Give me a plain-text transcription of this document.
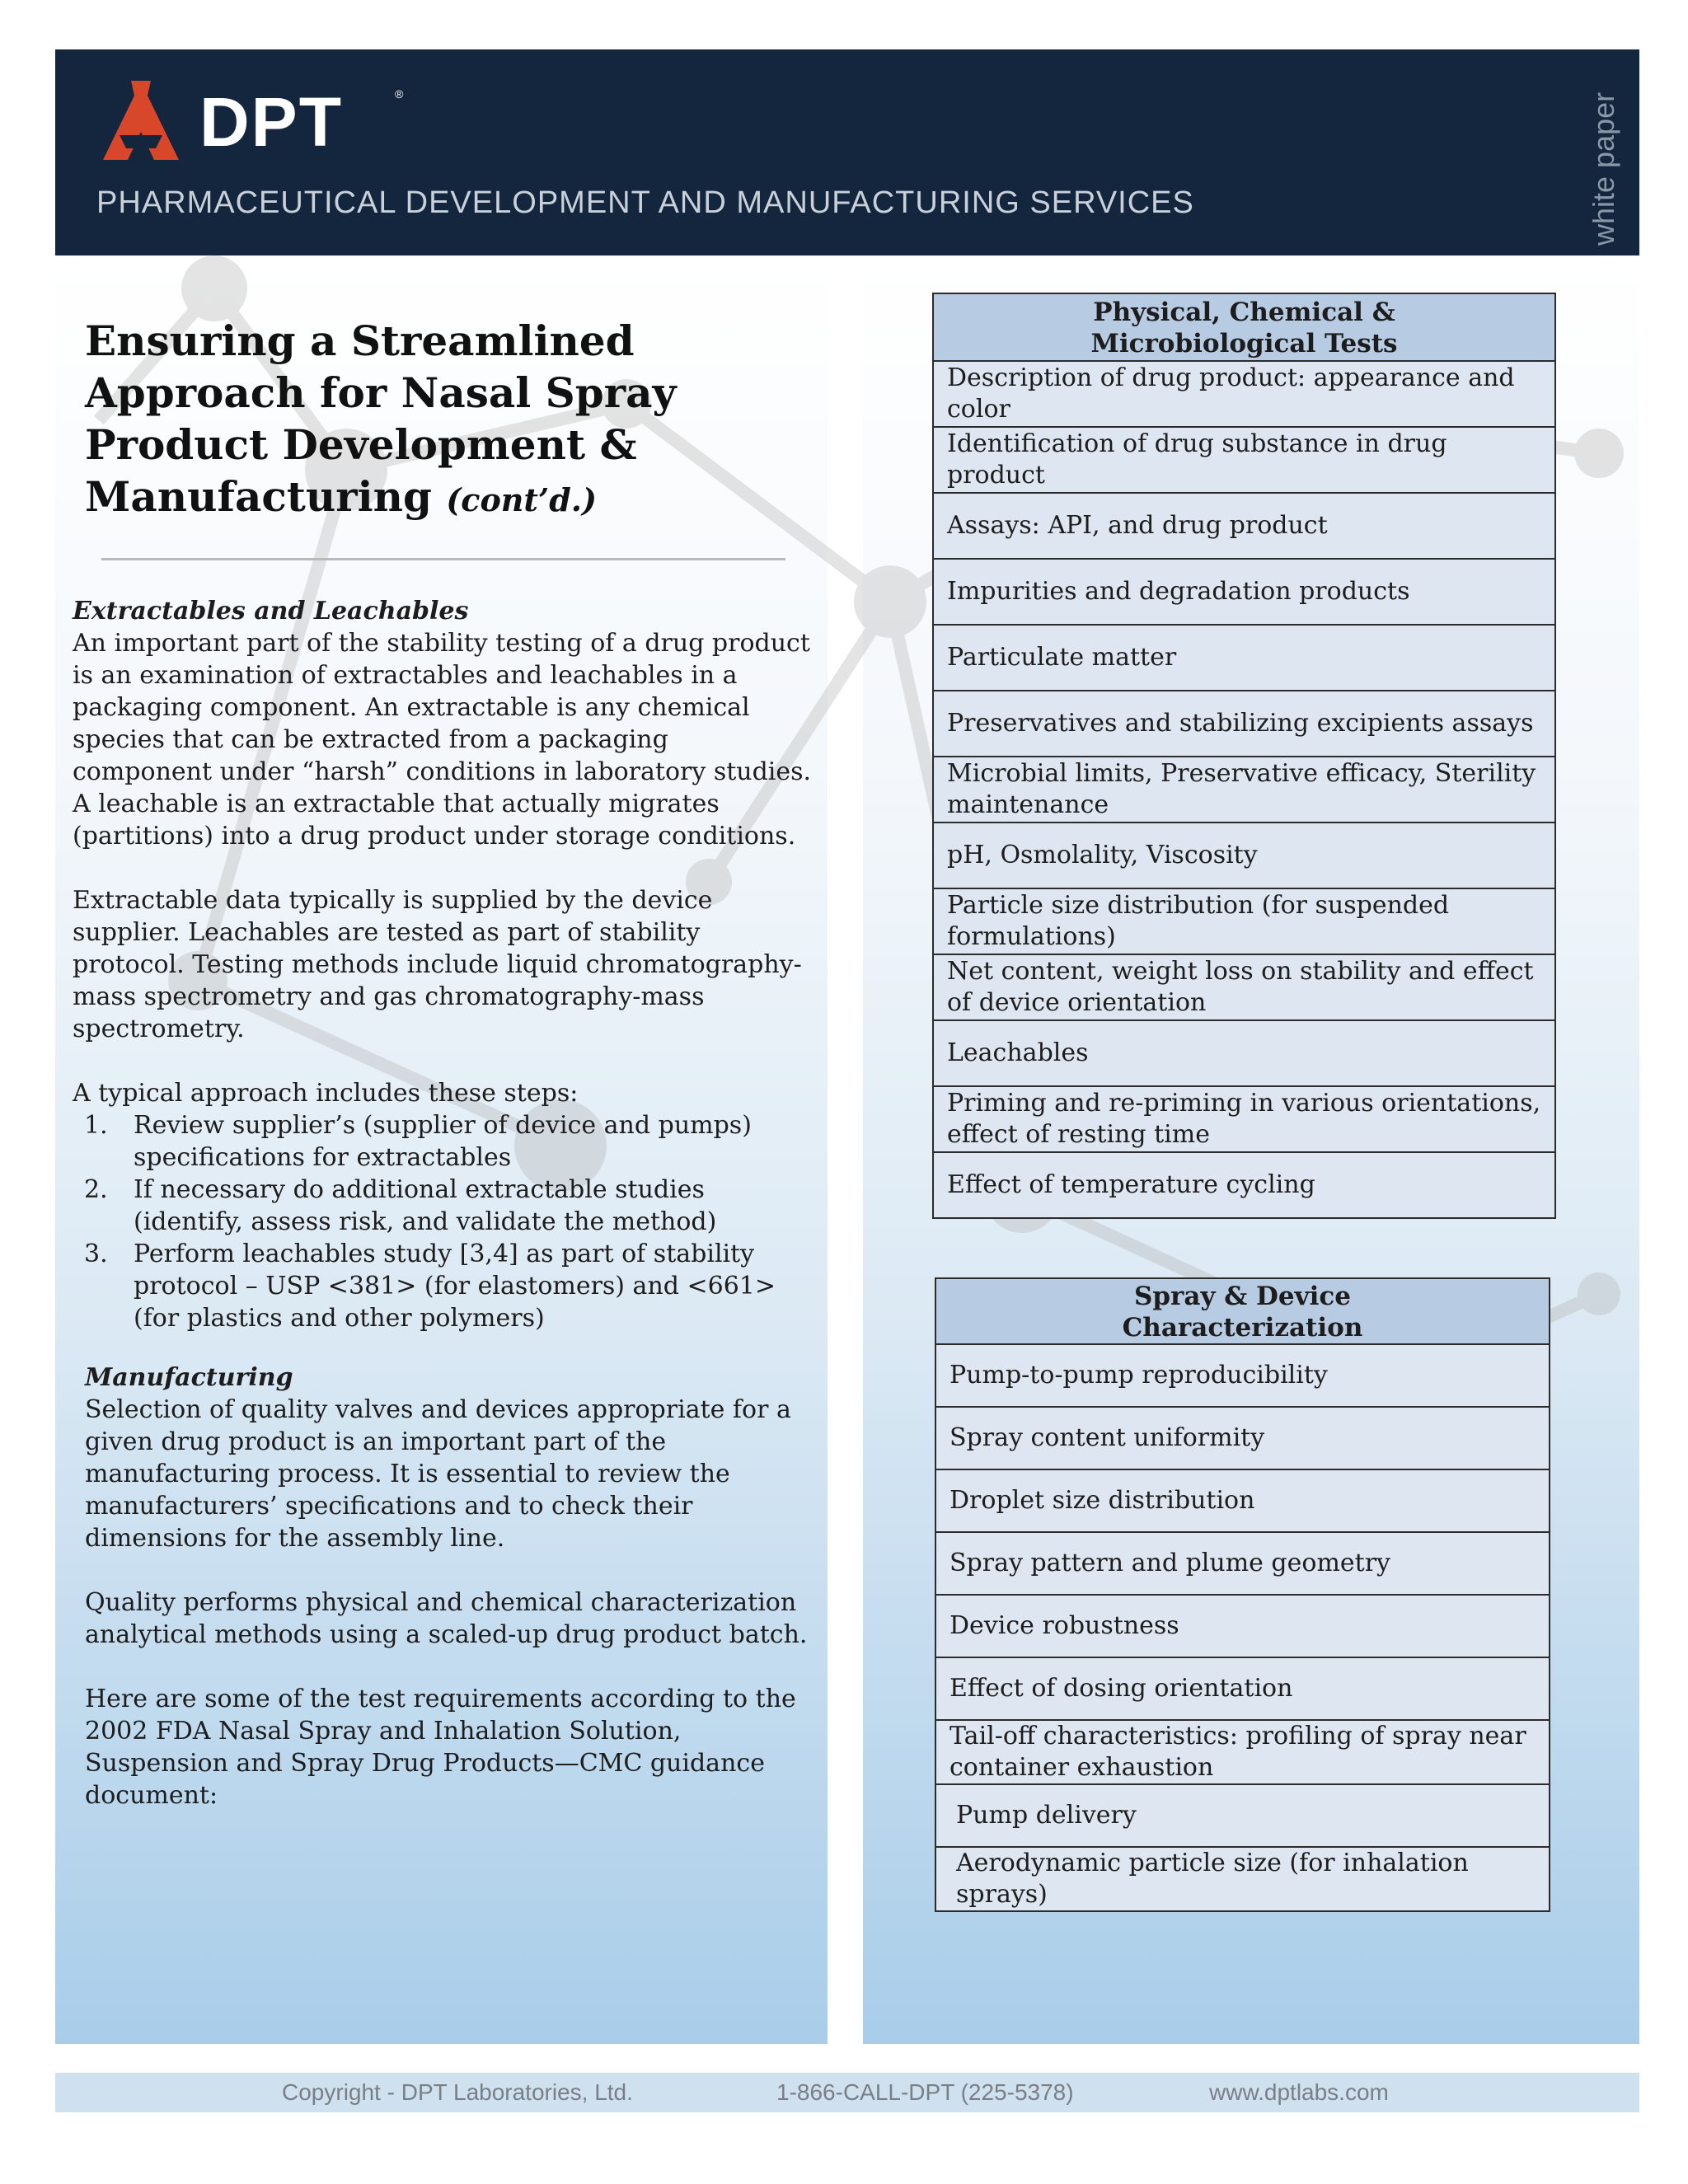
DPT	®
PHARMACEUTICAL DEVELOPMENT AND MANUFACTURING SERVICES	white paper
Ensuring a Streamlined
Approach for Nasal Spray
Product Development &
Manufacturing (cont’d.)

Extractables and Leachables

An important part of the stability testing of a drug product is an examination of extractables and leachables in a packaging component. An extractable is any chemical species that can be extracted from a packaging component under “harsh” conditions in laboratory studies. A leachable is an extractable that actually migrates (partitions) into a drug product under storage conditions.

Extractable data typically is supplied by the device supplier. Leachables are tested as part of stability protocol. Testing methods include liquid chromatography-mass spectrometry and gas chromatography-mass spectrometry.

A typical approach includes these steps:

1. Review supplier’s (supplier of device and pumps) specifications for extractables
2. If necessary do additional extractable studies (identify, assess risk, and validate the method)
3. Perform leachables study [3,4] as part of stability protocol – USP <381> (for elastomers) and <661> (for plastics and other polymers)

Manufacturing

Selection of quality valves and devices appropriate for a given drug product is an important part of the manufacturing process. It is essential to review the manufacturers’ specifications and to check their dimensions for the assembly line.

Quality performs physical and chemical characterization analytical methods using a scaled-up drug product batch.

Here are some of the test requirements according to the 2002 FDA Nasal Spray and Inhalation Solution, Suspension and Spray Drug Products—CMC guidance document:

Physical, Chemical &
Microbiological Tests

Description of drug product: appearance and color
Identification of drug substance in drug product
Assays: API, and drug product
Impurities and degradation products
Particulate matter
Preservatives and stabilizing excipients assays
Microbial limits, Preservative efficacy, Sterility maintenance
pH, Osmolality, Viscosity
Particle size distribution (for suspended formulations)
Net content, weight loss on stability and effect of device orientation
Leachables
Priming and re-priming in various orientations, effect of resting time
Effect of temperature cycling
Spray & Device
Characterization

Pump-to-pump reproducibility
Spray content uniformity
Droplet size distribution
Spray pattern and plume geometry
Device robustness
Effect of dosing orientation
Tail-off characteristics: profiling of spray near container exhaustion
Pump delivery
Aerodynamic particle size (for inhalation sprays)
Copyright - DPT Laboratories, Ltd.	1-866-CALL-DPT (225-5378)	www.dptlabs.com
